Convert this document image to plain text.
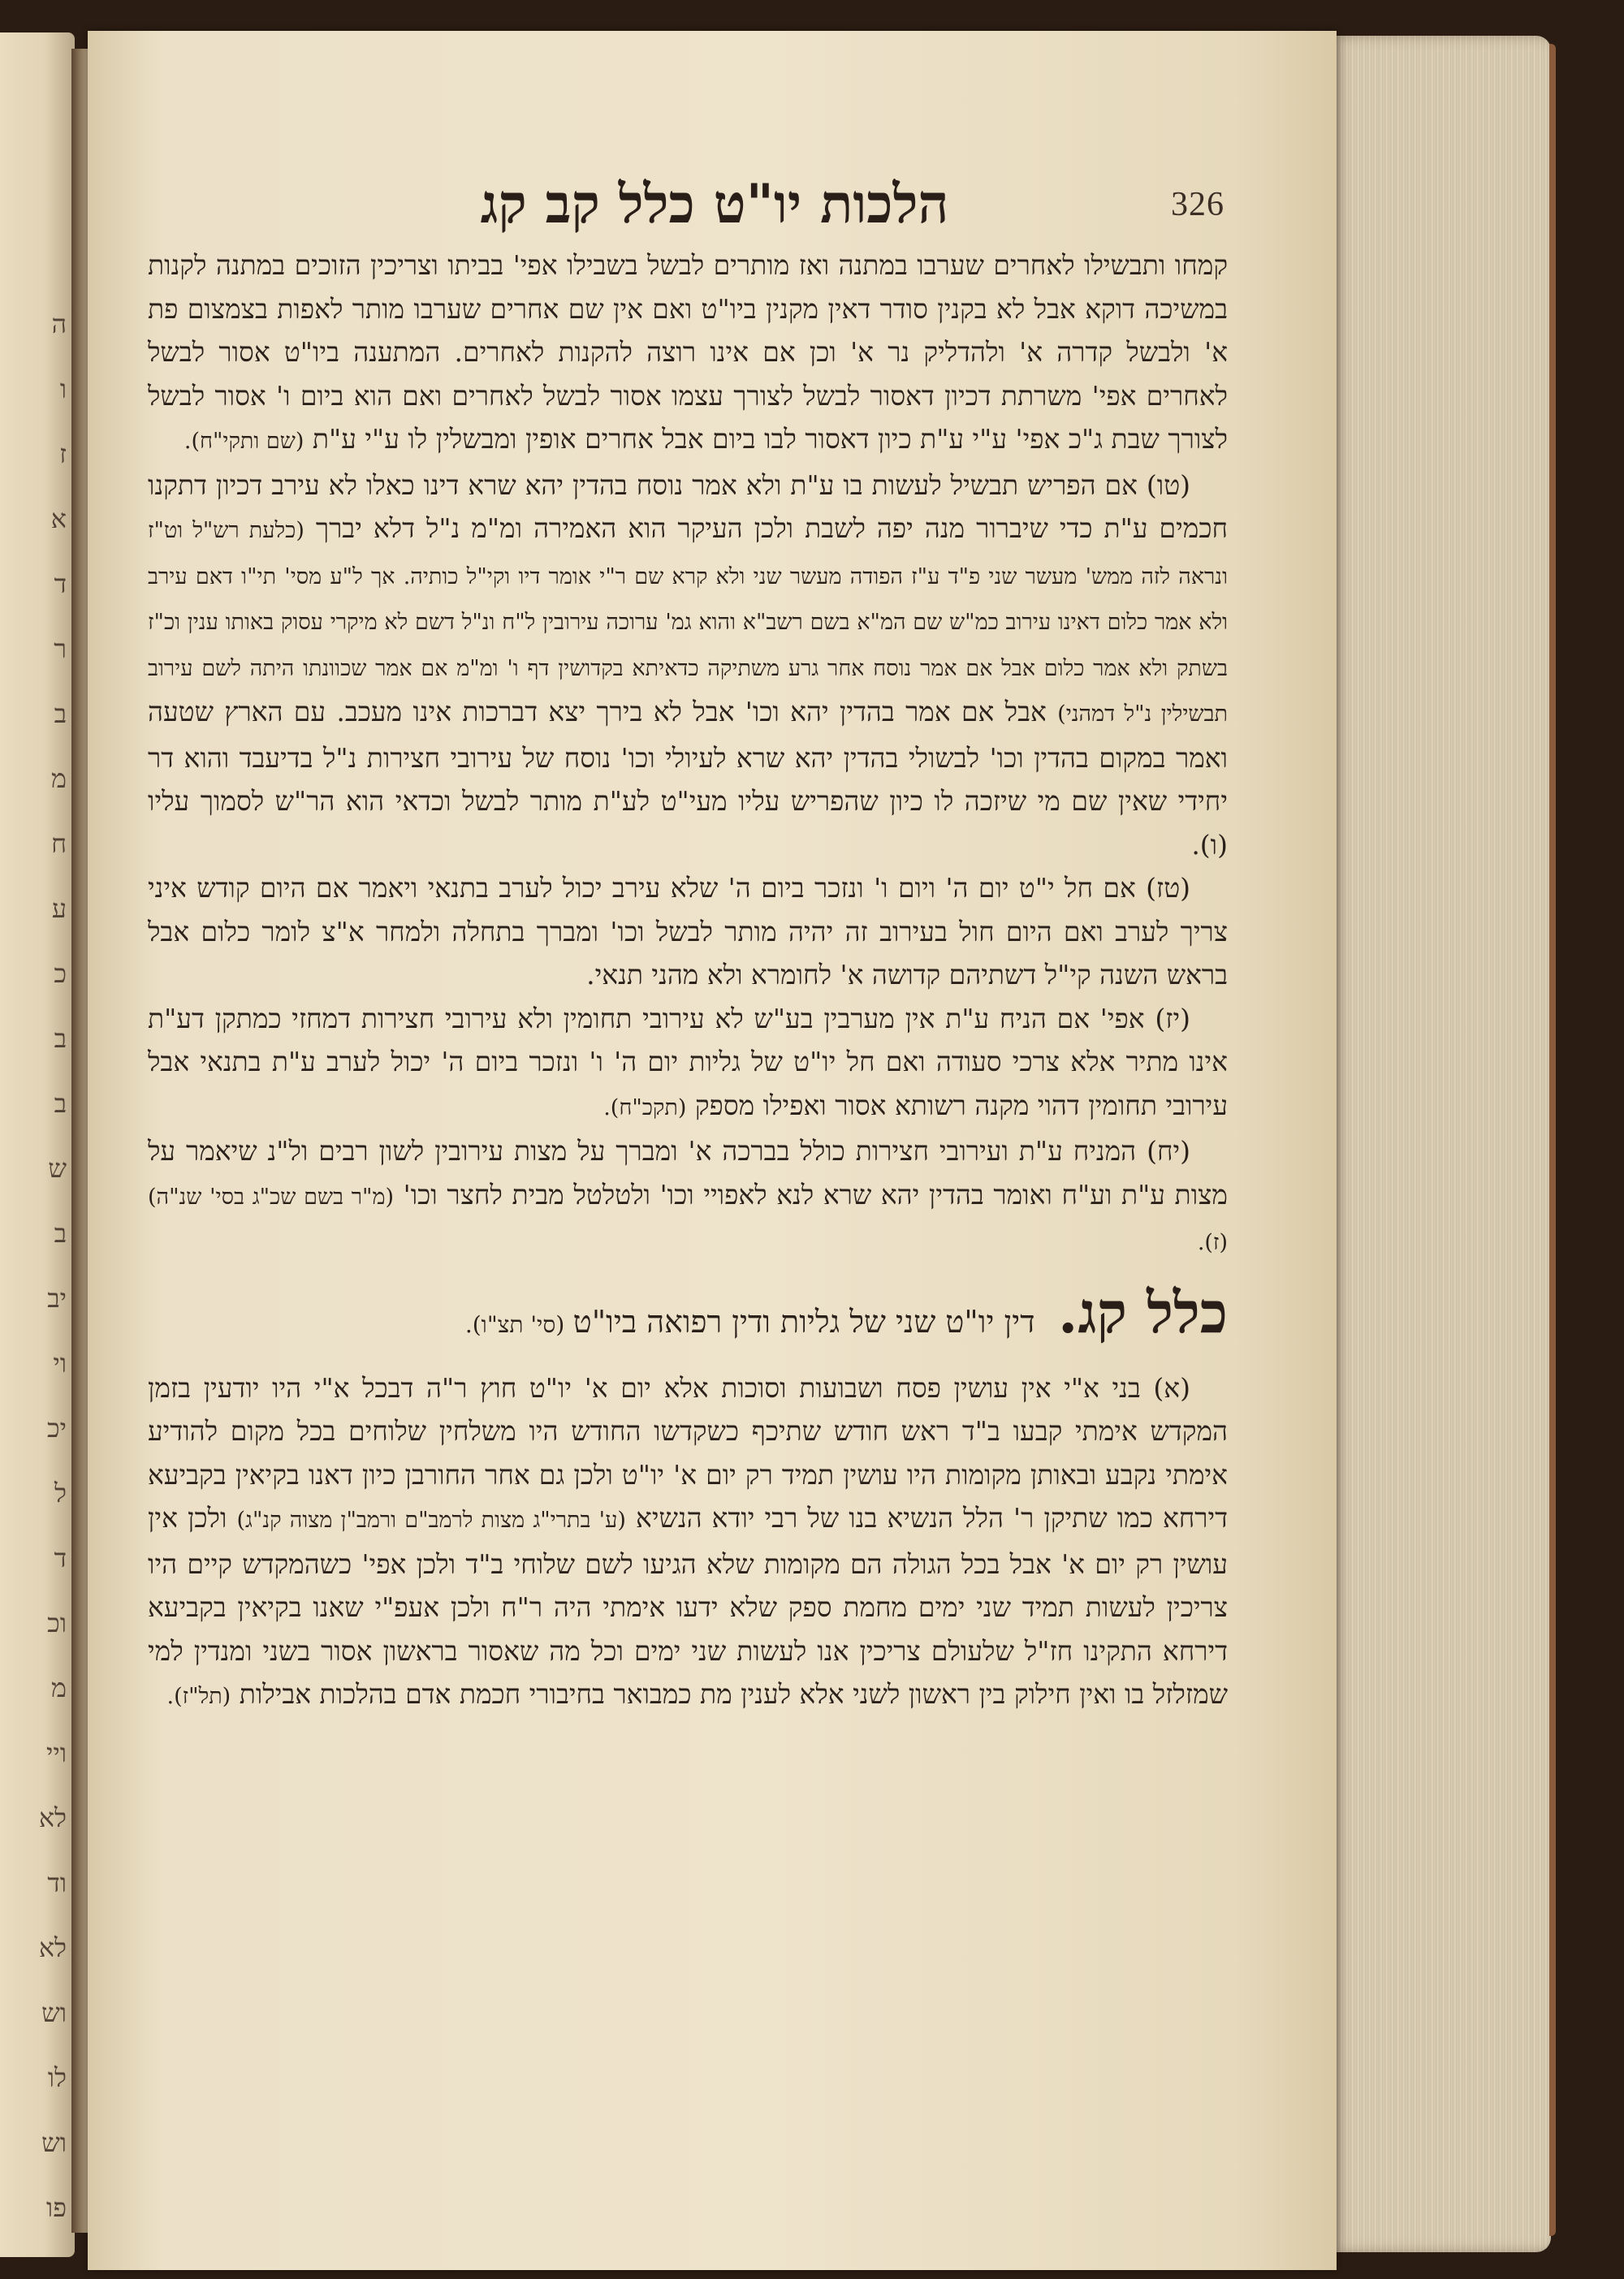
ה
ו
ז
א
ד
ר
ב
מ
ח
ע
כ
ב
ב
ש
ב
יב
וי
יכ
ל
ד
וכ
מ
ויי
לא
וד
לא
וש
לו
וש
פו
326
הלכות יו"ט כלל קב קג

קמחו ותבשילו לאחרים שערבו במתנה ואז מותרים לבשל בשבילו אפי' בביתו וצריכין הזוכים במתנה לקנות במשיכה דוקא אבל לא בקנין סודר דאין מקנין ביו"ט ואם אין שם אחרים שערבו מותר לאפות בצמצום פת א' ולבשל קדרה א' ולהדליק נר א' וכן אם אינו רוצה להקנות לאחרים. המתענה ביו"ט אסור לבשל לאחרים אפי' משרתת דכיון דאסור לבשל לצורך עצמו אסור לבשל לאחרים ואם הוא ביום ו' אסור לבשל לצורך שבת ג"כ אפי' ע"י ע"ת כיון דאסור לבו ביום אבל אחרים אופין ומבשלין לו ע"י ע"ת (שם ותקי"ח).

(טו) אם הפריש תבשיל לעשות בו ע"ת ולא אמר נוסח בהדין יהא שרא דינו כאלו לא עירב דכיון דתקנו חכמים ע"ת כדי שיברור מנה יפה לשבת ולכן העיקר הוא האמירה ומ"מ נ"ל דלא יברך (כלעת רש"ל וט"ז ונראה לזה ממש' מעשר שני פ"ד ע"ז הפודה מעשר שני ולא קרא שם ר"י אומר דיו וקי"ל כותיה. אך ל"ע מסי' תי"ו דאם עירב ולא אמר כלום דאינו עירוב כמ"ש שם המ"א בשם רשב"א והוא גמ' ערוכה עירובין ל"ח ונ"ל דשם לא מיקרי עסוק באותו ענין וכ"ז בשתק ולא אמר כלום אבל אם אמר נוסח אחר גרע משתיקה כדאיתא בקדושין דף ו' ומ"מ אם אמר שכוונתו היתה לשם עירוב תבשילין נ"ל דמהני) אבל אם אמר בהדין יהא וכו' אבל לא בירך יצא דברכות אינו מעכב. עם הארץ שטעה ואמר במקום בהדין וכו' לבשולי בהדין יהא שרא לעיולי וכו' נוסח של עירובי חצירות נ"ל בדיעבד והוא דר יחידי שאין שם מי שיזכה לו כיון שהפריש עליו מעי"ט לע"ת מותר לבשל וכדאי הוא הר"ש לסמוך עליו (ו).

(טז) אם חל י"ט יום ה' ויום ו' ונזכר ביום ה' שלא עירב יכול לערב בתנאי ויאמר אם היום קודש איני צריך לערב ואם היום חול בעירוב זה יהיה מותר לבשל וכו' ומברך בתחלה ולמחר א"צ לומר כלום אבל בראש השנה קי"ל דשתיהם קדושה א' לחומרא ולא מהני תנאי.

(יז) אפי' אם הניח ע"ת אין מערבין בע"ש לא עירובי תחומין ולא עירובי חצירות דמחזי כמתקן דע"ת אינו מתיר אלא צרכי סעודה ואם חל יו"ט של גליות יום ה' ו' ונזכר ביום ה' יכול לערב ע"ת בתנאי אבל עירובי תחומין דהוי מקנה רשותא אסור ואפילו מספק (תקכ"ח).

(יח) המניח ע"ת ועירובי חצירות כולל בברכה א' ומברך על מצות עירובין לשון רבים ול"נ שיאמר על מצות ע"ת וע"ח ואומר בהדין יהא שרא לנא לאפויי וכו' ולטלטל מבית לחצר וכו' (מ"ר בשם שכ"ג בסי' שנ"ה) (ז).

כלל קג. דין יו"ט שני של גליות ודין רפואה ביו"ט (סי' תצ"ו).

(א) בני א"י אין עושין פסח ושבועות וסוכות אלא יום א' יו"ט חוץ ר"ה דבכל א"י היו יודעין בזמן המקדש אימתי קבעו ב"ד ראש חודש שתיכף כשקדשו החודש היו משלחין שלוחים בכל מקום להודיע אימתי נקבע ובאותן מקומות היו עושין תמיד רק יום א' יו"ט ולכן גם אחר החורבן כיון דאנו בקיאין בקביעא דירחא כמו שתיקן ר' הלל הנשיא בנו של רבי יודא הנשיא (ע' בתרי"ג מצות לרמב"ם ורמב"ן מצוה קנ"ג) ולכן אין עושין רק יום א' אבל בכל הגולה הם מקומות שלא הגיעו לשם שלוחי ב"ד ולכן אפי' כשהמקדש קיים היו צריכין לעשות תמיד שני ימים מחמת ספק שלא ידעו אימתי היה ר"ח ולכן אעפ"י שאנו בקיאין בקביעא דירחא התקינו חז"ל שלעולם צריכין אנו לעשות שני ימים וכל מה שאסור בראשון אסור בשני ומנדין למי שמזלזל בו ואין חילוק בין ראשון לשני אלא לענין מת כמבואר בחיבורי חכמת אדם בהלכות אבילות (תל"ז).
